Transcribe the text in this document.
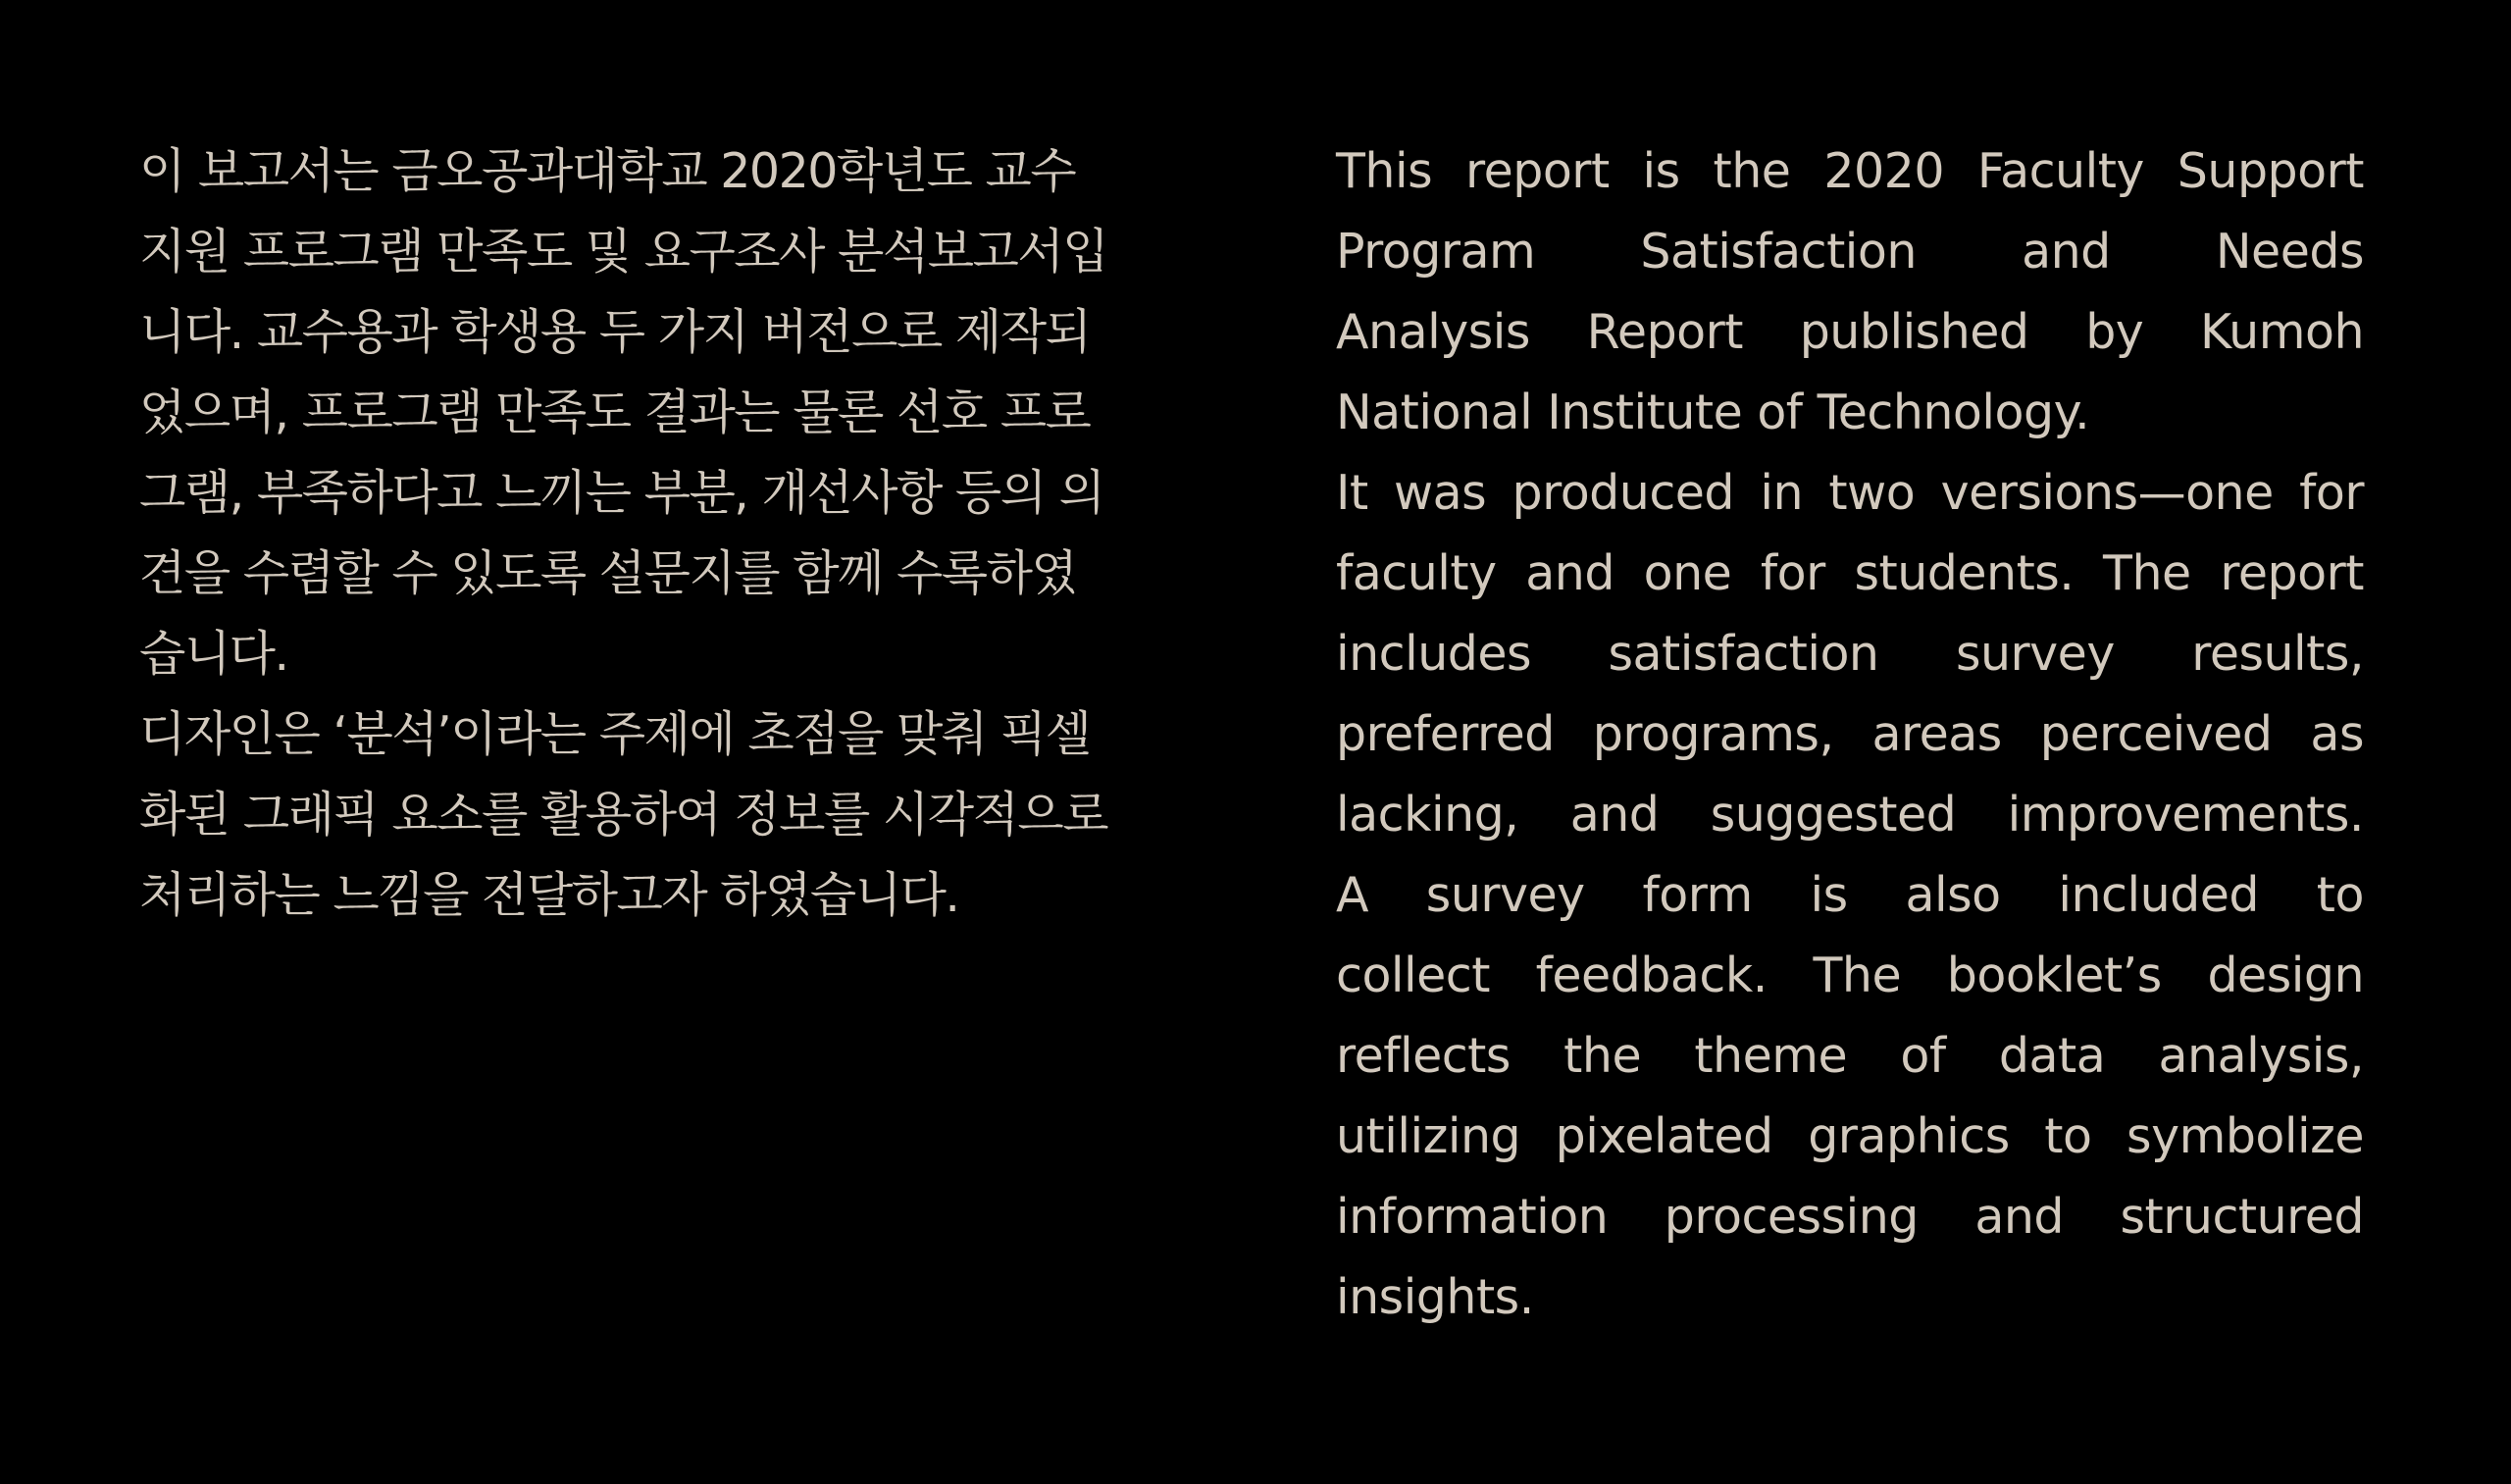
이 보고서는 금오공과대학교 2020학년도 교수
지원 프로그램 만족도 및 요구조사 분석보고서입
니다. 교수용과 학생용 두 가지 버전으로 제작되
었으며, 프로그램 만족도 결과는 물론 선호 프로
그램, 부족하다고 느끼는 부분, 개선사항 등의 의
견을 수렴할 수 있도록 설문지를 함께 수록하였
습니다.
디자인은 ‘분석’이라는 주제에 초점을 맞춰 픽셀
화된 그래픽 요소를 활용하여 정보를 시각적으로
처리하는 느낌을 전달하고자 하였습니다.
This report is the 2020 Faculty Support
Program Satisfaction and Needs
Analysis Report published by Kumoh
National Institute of Technology.
It was produced in two versions—one for
faculty and one for students. The report
includes satisfaction survey results,
preferred programs, areas perceived as
lacking, and suggested improvements.
A survey form is also included to
collect feedback. The booklet’s design
reflects the theme of data analysis,
utilizing pixelated graphics to symbolize
information processing and structured
insights.
